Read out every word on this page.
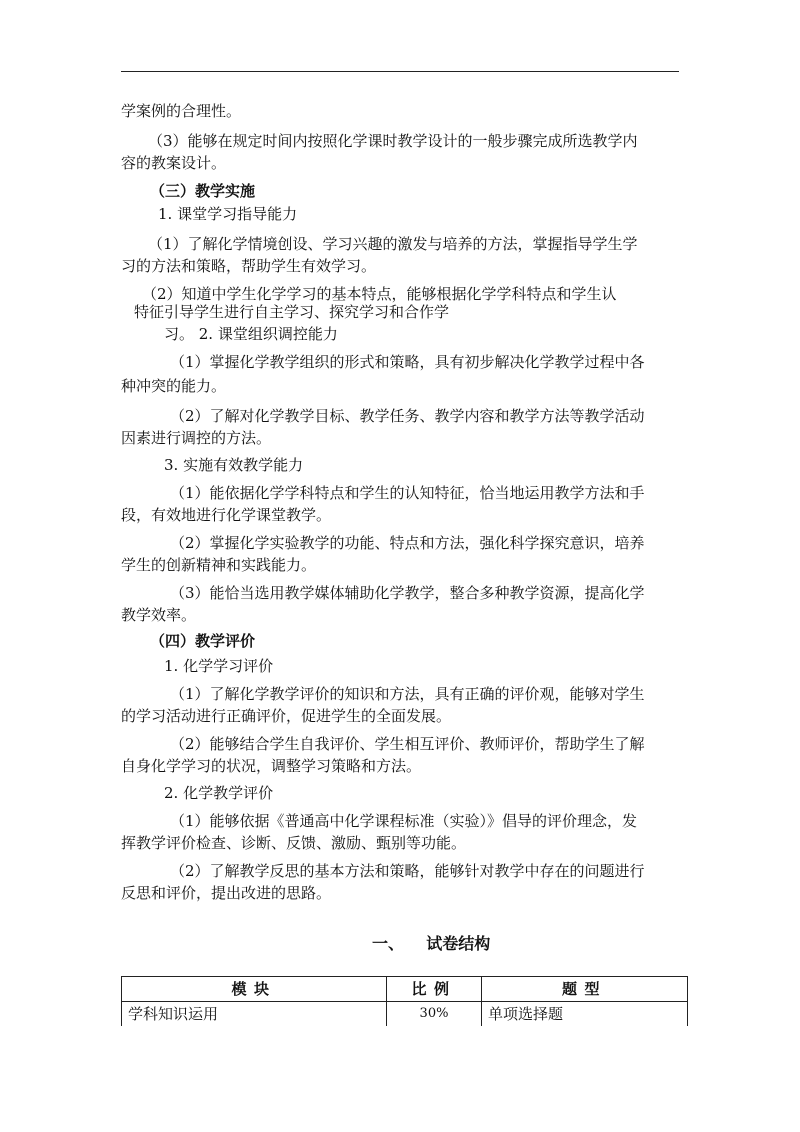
学案例的合理性。
（3）能够在规定时间内按照化学课时教学设计的一般步骤完成所选教学内
容的教案设计。
（三）教学实施
1. 课堂学习指导能力
（1）了解化学情境创设、学习兴趣的激发与培养的方法，掌握指导学生学
习的方法和策略，帮助学生有效学习。
（2）知道中学生化学学习的基本特点，能够根据化学学科特点和学生认
特征引导学生进行自主学习、探究学习和合作学
习。 2. 课堂组织调控能力
（1）掌握化学教学组织的形式和策略，具有初步解决化学教学过程中各
种冲突的能力。
（2）了解对化学教学目标、教学任务、教学内容和教学方法等教学活动
因素进行调控的方法。
3. 实施有效教学能力
（1）能依据化学学科特点和学生的认知特征，恰当地运用教学方法和手
段，有效地进行化学课堂教学。
（2）掌握化学实验教学的功能、特点和方法，强化科学探究意识，培养
学生的创新精神和实践能力。
（3）能恰当选用教学媒体辅助化学教学，整合多种教学资源，提高化学
教学效率。
（四）教学评价
1. 化学学习评价
（1）了解化学教学评价的知识和方法，具有正确的评价观，能够对学生
的学习活动进行正确评价，促进学生的全面发展。
（2）能够结合学生自我评价、学生相互评价、教师评价，帮助学生了解
自身化学学习的状况，调整学习策略和方法。
2. 化学教学评价
（1）能够依据《普通高中化学课程标准（实验）》倡导的评价理念，发
挥教学评价检查、诊断、反馈、激励、甄别等功能。
（2）了解教学反思的基本方法和策略，能够针对教学中存在的问题进行
反思和评价，提出改进的思路。
一、    试卷结构
模块	比例	题型
学科知识运用	30%	单项选择题
